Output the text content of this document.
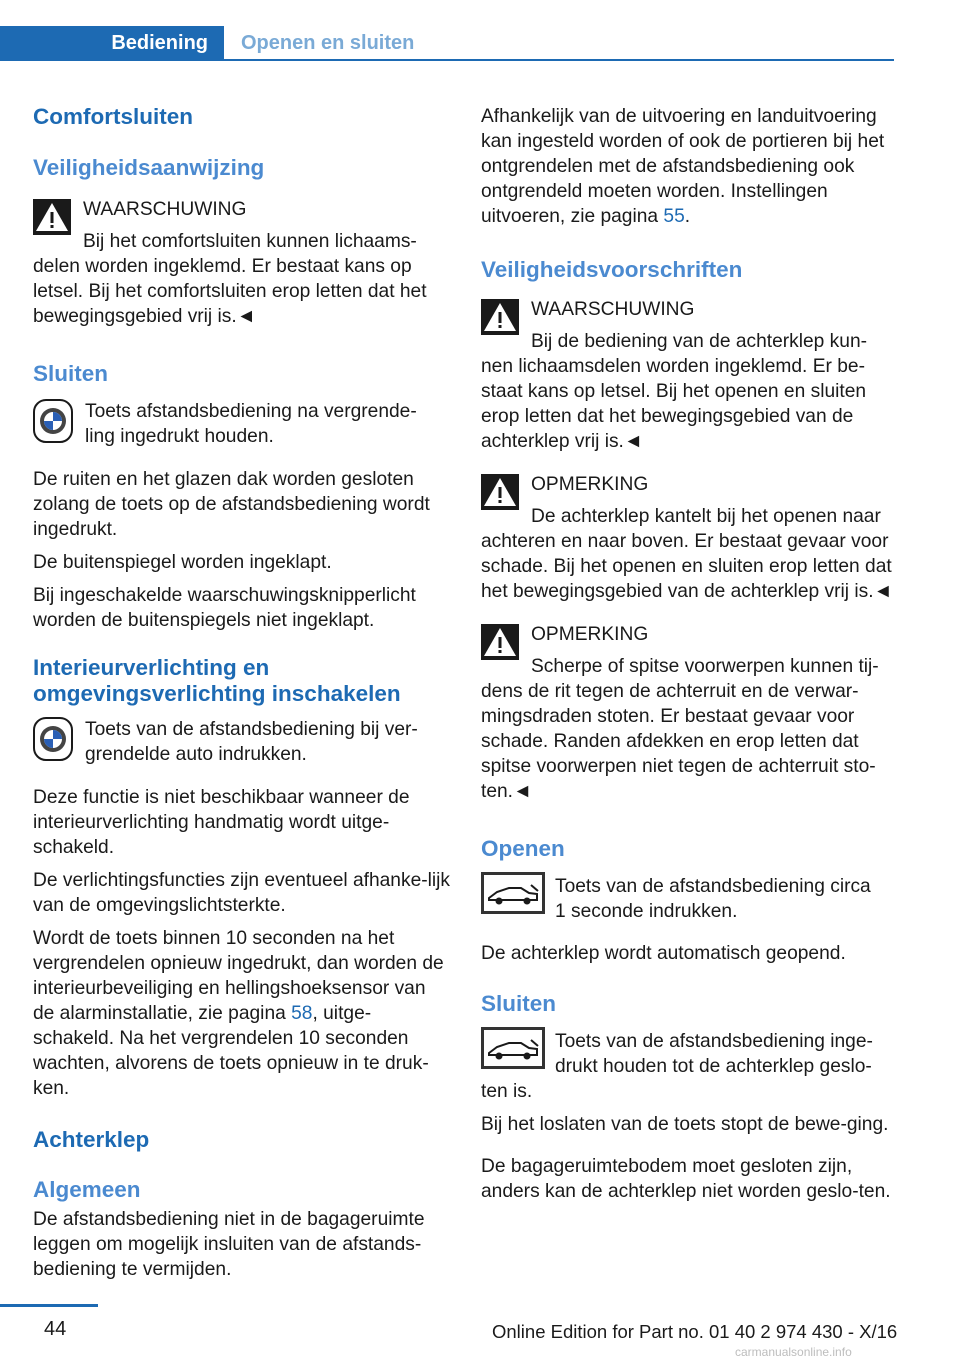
Bediening Openen en sluiten
Comfortsluiten
Veiligheidsaanwijzing

WAARSCHUWING

Bij het comfortsluiten kunnen lichaams-

delen worden ingeklemd. Er bestaat kans op letsel. Bij het comfortsluiten erop letten dat het bewegingsgebied vrij is.◄

Sluiten

Toets afstandsbediening na vergrende-

ling ingedrukt houden.

De ruiten en het glazen dak worden gesloten zolang de toets op de afstandsbediening wordt ingedrukt.

De buitenspiegel worden ingeklapt.

Bij ingeschakelde waarschuwingsknipperlicht worden de buitenspiegels niet ingeklapt.

Interieurverlichting en omgevingsverlichting inschakelen

Toets van de afstandsbediening bij ver-

grendelde auto indrukken.

Deze functie is niet beschikbaar wanneer de interieurverlichting handmatig wordt uitge-schakeld.

De verlichtingsfuncties zijn eventueel afhanke-lijk van de omgevingslichtsterkte.

Wordt de toets binnen 10 seconden na het vergrendelen opnieuw ingedrukt, dan worden de interieurbeveiliging en hellingshoeksensor van de alarminstallatie, zie pagina 58, uitge-schakeld. Na het vergrendelen 10 seconden wachten, alvorens de toets opnieuw in te druk-ken.

Achterklep
Algemeen

De afstandsbediening niet in de bagageruimte leggen om mogelijk insluiten van de afstands-bediening te vermijden.

Afhankelijk van de uitvoering en landuitvoering kan ingesteld worden of ook de portieren bij het ontgrendelen met de afstandsbediening ook ontgrendeld moeten worden. Instellingen uitvoeren, zie pagina 55.

Veiligheidsvoorschriften

WAARSCHUWING

Bij de bediening van de achterklep kun-

nen lichaamsdelen worden ingeklemd. Er be-staat kans op letsel. Bij het openen en sluiten erop letten dat het bewegingsgebied van de achterklep vrij is.◄

OPMERKING

De achterklep kantelt bij het openen naar

achteren en naar boven. Er bestaat gevaar voor schade. Bij het openen en sluiten erop letten dat het bewegingsgebied van de achterklep vrij is.◄

OPMERKING

Scherpe of spitse voorwerpen kunnen tij-

dens de rit tegen de achterruit en de verwar-mingsdraden stoten. Er bestaat gevaar voor schade. Randen afdekken en erop letten dat spitse voorwerpen niet tegen de achterruit sto-ten.◄

Openen

Toets van de afstandsbediening circa

1 seconde indrukken.

De achterklep wordt automatisch geopend.

Sluiten

Toets van de afstandsbediening inge-

drukt houden tot de achterklep geslo-

ten is.

Bij het loslaten van de toets stopt de bewe-ging.

De bagageruimtebodem moet gesloten zijn, anders kan de achterklep niet worden geslo-ten.

44	Online Edition for Part no. 01 40 2 974 430 - X/16
carmanualsonline.info
